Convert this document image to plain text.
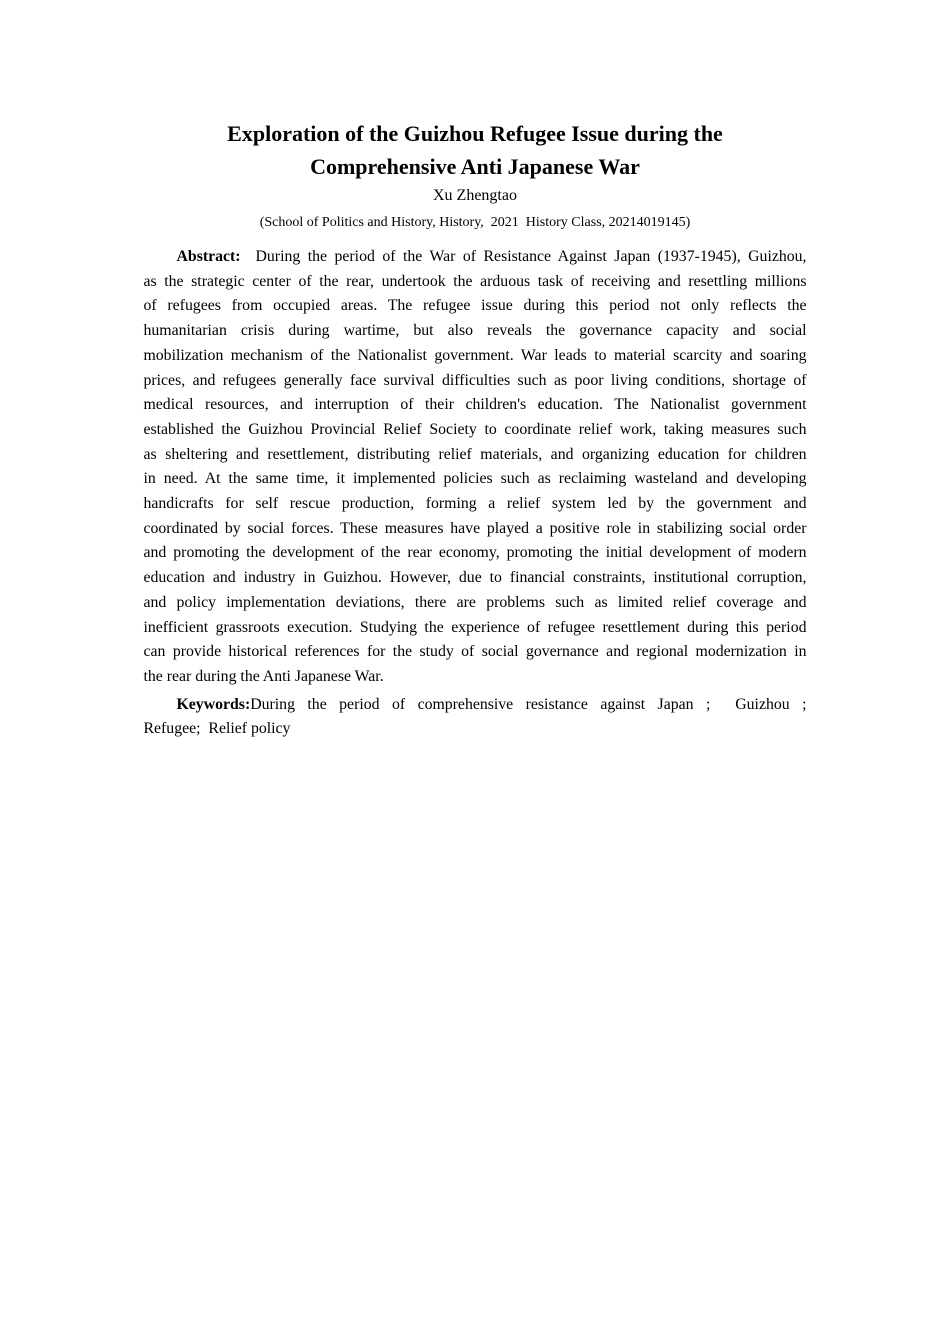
Exploration of the Guizhou Refugee Issue during the
Comprehensive Anti Japanese War
Xu Zhengtao
(School of Politics and History, History,  2021  History Class, 20214019145)
Abstract:  During the period of the War of Resistance Against Japan (1937-1945), Guizhou,
as the strategic center of the rear, undertook the arduous task of receiving and resettling millions
of refugees from occupied areas. The refugee issue during this period not only reflects the
humanitarian crisis during wartime, but also reveals the governance capacity and social
mobilization mechanism of the Nationalist government. War leads to material scarcity and soaring
prices, and refugees generally face survival difficulties such as poor living conditions, shortage of
medical resources, and interruption of their children's education. The Nationalist government
established the Guizhou Provincial Relief Society to coordinate relief work, taking measures such
as sheltering and resettlement, distributing relief materials, and organizing education for children
in need. At the same time, it implemented policies such as reclaiming wasteland and developing
handicrafts for self rescue production, forming a relief system led by the government and
coordinated by social forces. These measures have played a positive role in stabilizing social order
and promoting the development of the rear economy, promoting the initial development of modern
education and industry in Guizhou. However, due to financial constraints, institutional corruption,
and policy implementation deviations, there are problems such as limited relief coverage and
inefficient grassroots execution. Studying the experience of refugee resettlement during this period
can provide historical references for the study of social governance and regional modernization in
the rear during the Anti Japanese War.
Keywords:During the period of comprehensive resistance against Japan ;  Guizhou ;
Refugee;  Relief policy
